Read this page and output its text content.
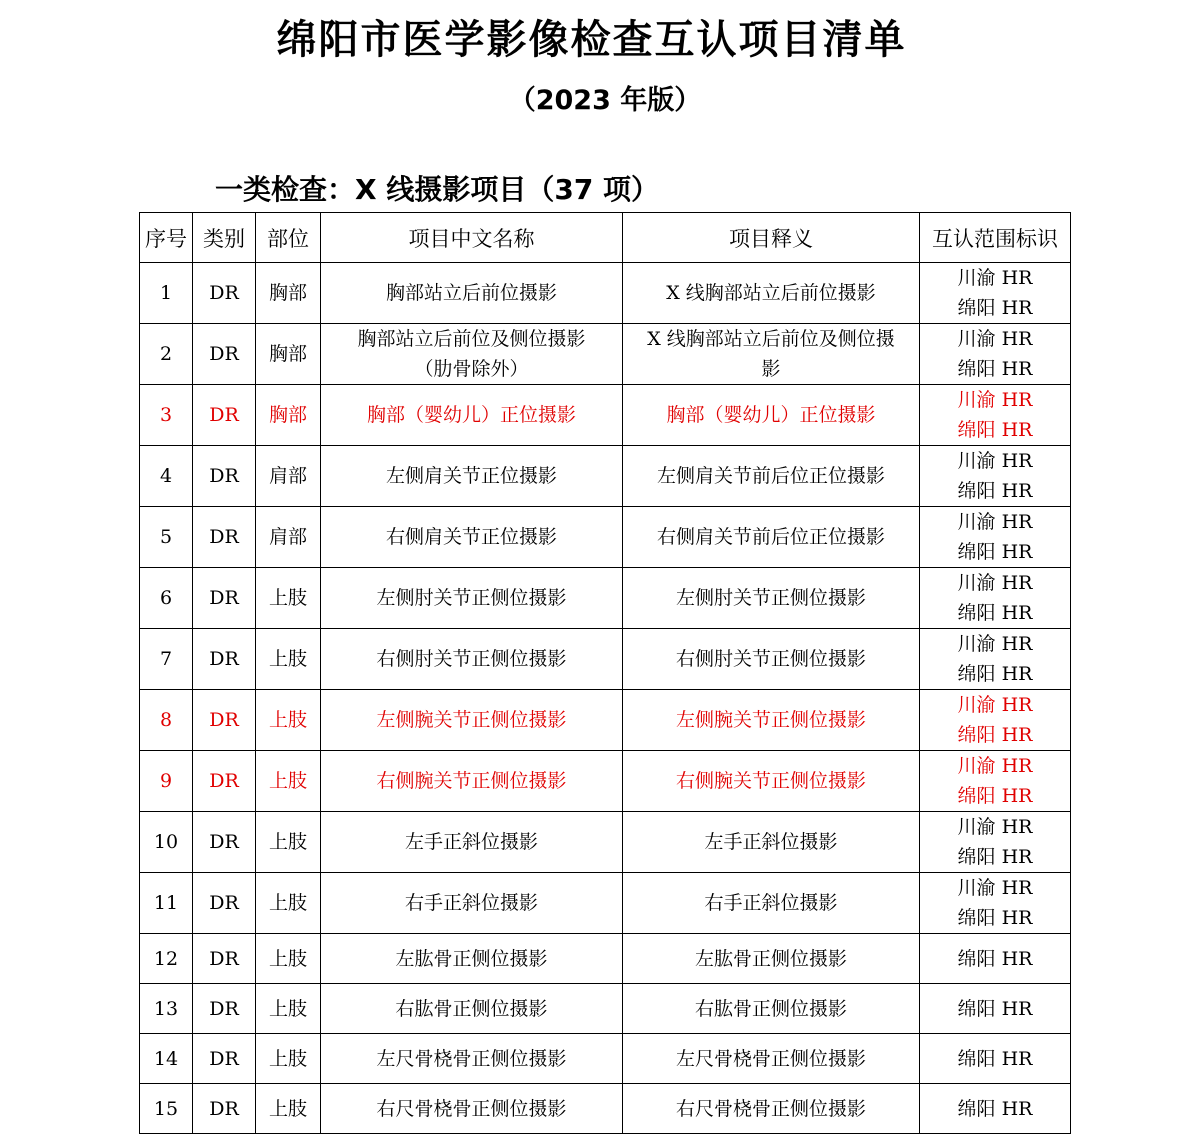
绵阳市医学影像检查互认项目清单
（2023 年版）
一类检查：X 线摄影项目（37 项）
序号	类别	部位	项目中文名称	项目释义	互认范围标识
1	DR	胸部	胸部站立后前位摄影	X 线胸部站立后前位摄影	川渝 HR
绵阳 HR

2	DR	胸部	胸部站立后前位及侧位摄影
（肋骨除外）	X 线胸部站立后前位及侧位摄
影	川渝 HR
绵阳 HR

3	DR	胸部	胸部（婴幼儿）正位摄影	胸部（婴幼儿）正位摄影	川渝 HR
绵阳 HR

4	DR	肩部	左侧肩关节正位摄影	左侧肩关节前后位正位摄影	川渝 HR
绵阳 HR

5	DR	肩部	右侧肩关节正位摄影	右侧肩关节前后位正位摄影	川渝 HR
绵阳 HR

6	DR	上肢	左侧肘关节正侧位摄影	左侧肘关节正侧位摄影	川渝 HR
绵阳 HR

7	DR	上肢	右侧肘关节正侧位摄影	右侧肘关节正侧位摄影	川渝 HR
绵阳 HR

8	DR	上肢	左侧腕关节正侧位摄影	左侧腕关节正侧位摄影	川渝 HR
绵阳 HR

9	DR	上肢	右侧腕关节正侧位摄影	右侧腕关节正侧位摄影	川渝 HR
绵阳 HR

10	DR	上肢	左手正斜位摄影	左手正斜位摄影	川渝 HR
绵阳 HR

11	DR	上肢	右手正斜位摄影	右手正斜位摄影	川渝 HR
绵阳 HR

12	DR	上肢	左肱骨正侧位摄影	左肱骨正侧位摄影	绵阳 HR

13	DR	上肢	右肱骨正侧位摄影	右肱骨正侧位摄影	绵阳 HR

14	DR	上肢	左尺骨桡骨正侧位摄影	左尺骨桡骨正侧位摄影	绵阳 HR

15	DR	上肢	右尺骨桡骨正侧位摄影	右尺骨桡骨正侧位摄影	绵阳 HR
